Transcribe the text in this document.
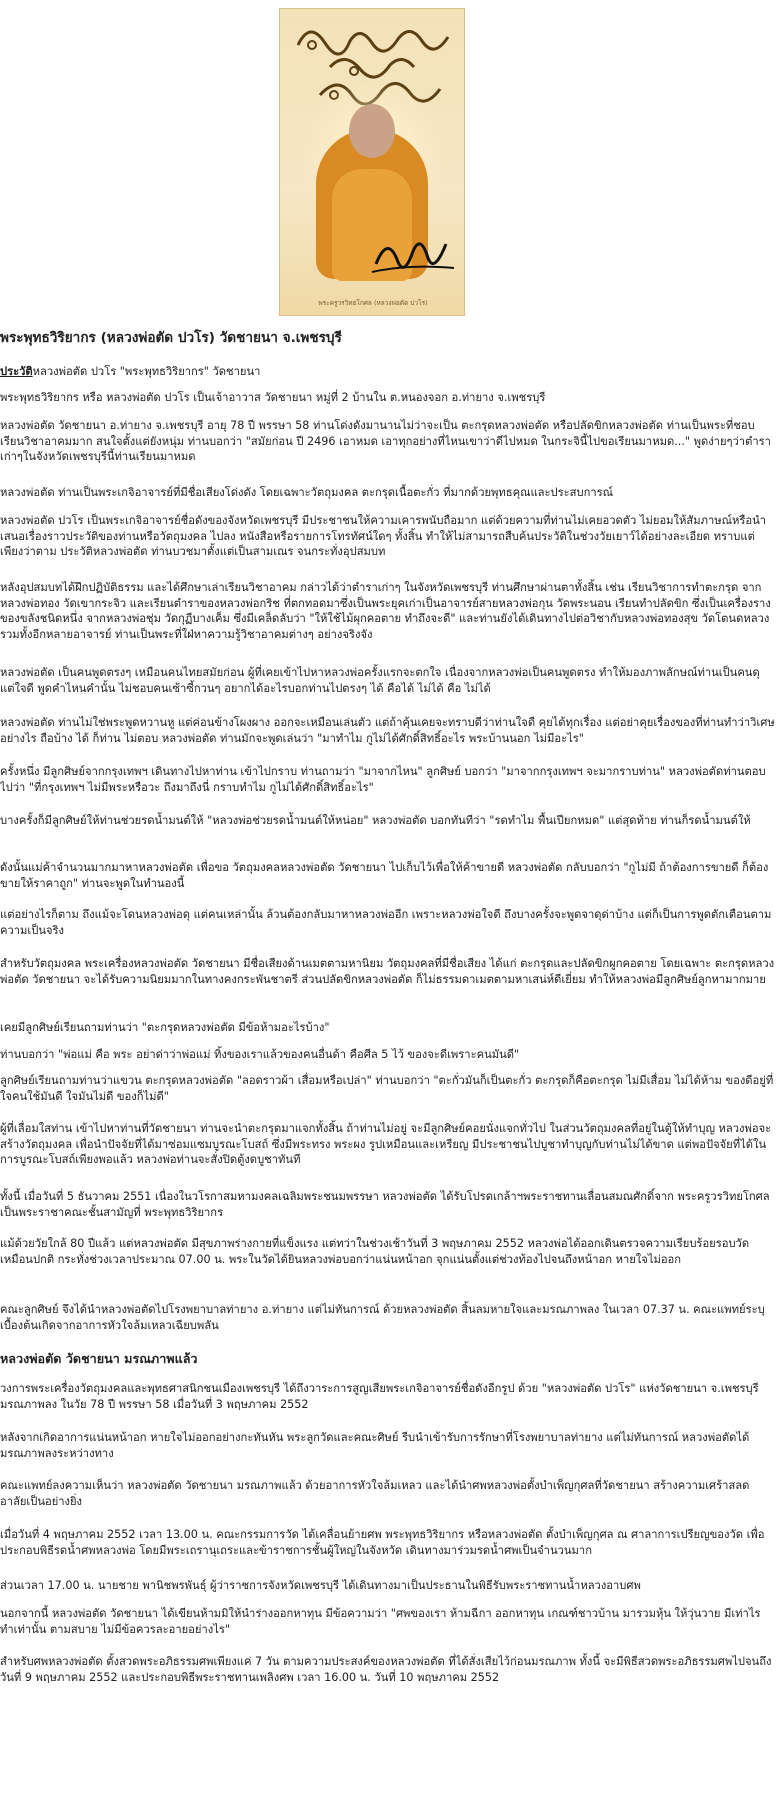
พระครูวรวิทยโกศล (หลวงพ่อตัด ปวโร)

พระพุทธวิริยากร (หลวงพ่อตัด ปวโร) วัดชายนา จ.เพชรบุรี

ประวัติหลวงพ่อตัด ปวโร "พระพุทธวิริยากร" วัดชายนา

พระพุทธวิริยากร หรือ หลวงพ่อตัด ปวโร เป็นเจ้าอาวาส วัดชายนา หมู่ที่ 2 บ้านใน ต.หนองจอก อ.ท่ายาง จ.เพชรบุรี

หลวงพ่อตัด วัดชายนา อ.ท่ายาง จ.เพชรบุรี อายุ 78 ปี พรรษา 58 ท่านโด่งดังมานานไม่ว่าจะเป็น ตะกรุดหลวงพ่อตัด หรือปลัดขิกหลวงพ่อตัด ท่านเป็นพระที่ชอบเรียนวิชาอาคมมาก สนใจตั้งแต่ยังหนุ่ม ท่านบอกว่า "สมัยก่อน ปี 2496 เอาหมด เอาทุกอย่างที่ไหนเขาว่าดีไปหมด ในกระจินี้ไปขอเรียนมาหมด..." พูดง่ายๆว่าตำราเก่าๆในจังหวัดเพชรบุรีนี้ท่านเรียนมาหมด

หลวงพ่อตัด ท่านเป็นพระเกจิอาจารย์ที่มีชื่อเสียงโด่งดัง โดยเฉพาะวัตถุมงคล ตะกรุดเนื้อตะกั่ว ที่มากด้วยพุทธคุณและประสบการณ์

หลวงพ่อตัด ปวโร เป็นพระเกจิอาจารย์ชื่อดังของจังหวัดเพชรบุรี มีประชาชนให้ความเคารพนับถือมาก แต่ด้วยความที่ท่านไม่เคยอวดตัว ไม่ยอมให้สัมภาษณ์หรือนำเสนอเรื่องราวประวัติของท่านหรือวัตถุมงคล ไปลง หนังสือหรือรายการโทรทัศน์ใดๆ ทั้งสิ้น ทำให้ไม่สามารถสืบค้นประวัติในช่วงวัยเยาว์ได้อย่างละเอียด ทราบแต่เพียงว่าตาม ประวัติหลวงพ่อตัด ท่านบวชมาตั้งแต่เป็นสามเณร จนกระทั่งอุปสมบท

หลังอุปสมบทได้ฝึกปฏิบัติธรรม และได้ศึกษาเล่าเรียนวิชาอาคม กล่าวได้ว่าตำราเก่าๆ ในจังหวัดเพชรบุรี ท่านศึกษาผ่านตาทั้งสิ้น เช่น เรียนวิชาการทำตะกรุด จากหลวงพ่อทอง วัดเขากระจิว และเรียนตำราของหลวงพ่อกริช ที่ตกทอดมาซึ่งเป็นพระยุคเก่าเป็นอาจารย์สายหลวงพ่อกุน วัดพระนอน เรียนทำปลัดขิก ซึ่งเป็นเครื่องรางของขลังชนิดหนึ่ง จากหลวงพ่อชุ่ม วัดกุฏีบางเค็ม ซึ่งมีเคล็ดลับว่า "ให้ใช้ไม้ผุกคอตาย ทำถึงจะดี" และท่านยังได้เดินทางไปต่อวิชากับหลวงพ่อทองสุข วัดโตนดหลวง รวมทั้งอีกหลายอาจารย์ ท่านเป็นพระที่ใฝ่หาความรู้วิชาอาคมต่างๆ อย่างจริงจัง

หลวงพ่อตัด เป็นคนพูดตรงๆ เหมือนคนไทยสมัยก่อน ผู้ที่เคยเข้าไปหาหลวงพ่อครั้งแรกจะตกใจ เนื่องจากหลวงพ่อเป็นคนพูดตรง ทำให้มองภาพลักษณ์ท่านเป็นคนดุ แต่ใจดี พูดคำไหนคำนั้น ไม่ชอบคนเซ้าซี้กวนๆ อยากได้อะไรบอกท่านไปตรงๆ ได้ คือได้ ไม่ได้ คือ ไม่ได้

หลวงพ่อตัด ท่านไม่ใช่พระพูดหวานหู แต่ค่อนข้างโผงผาง ออกจะเหมือนเล่นตัว แต่ถ้าคุ้นเคยจะทราบดีว่าท่านใจดี คุยได้ทุกเรื่อง แต่อย่าคุยเรื่องของที่ท่านทำว่าวิเศษอย่างไร ถือบ้าง ได้ ก็ท่าน ไม่ตอบ หลวงพ่อตัด ท่านมักจะพูดเล่นว่า "มาทำไม กูไม่ได้ศักดิ์สิทธิ์อะไร พระบ้านนอก ไม่มีอะไร"

ครั้งหนึ่ง มีลูกศิษย์จากกรุงเทพฯ เดินทางไปหาท่าน เข้าไปกราบ ท่านถามว่า "มาจากไหน" ลูกศิษย์ บอกว่า "มาจากกรุงเทพฯ จะมากราบท่าน" หลวงพ่อตัดท่านตอบไปว่า "ที่กรุงเทพฯ ไม่มีพระหรือวะ ถึงมาถึงนี่ กราบทำไม กูไม่ได้ศักดิ์สิทธิ์อะไร"

บางครั้งก็มีลูกศิษย์ให้ท่านช่วยรดน้ำมนต์ให้ "หลวงพ่อช่วยรดน้ำมนต์ให้หน่อย" หลวงพ่อตัด บอกทันทีว่า "รดทำไม พื้นเปียกหมด" แต่สุดท้าย ท่านก็รดน้ำมนต์ให้

ดังนั้นแม่ค้าจำนวนมากมาหาหลวงพ่อตัด เพื่อขอ วัตถุมงคลหลวงพ่อตัด วัดชายนา ไปเก็บไว้เพื่อให้ค้าขายดี หลวงพ่อตัด กลับบอกว่า "กูไม่มี ถ้าต้องการขายดี ก็ต้องขายให้ราคาถูก" ท่านจะพูดในทำนองนี้

แต่อย่างไรก็ตาม ถึงแม้จะโดนหลวงพ่อดุ แต่คนเหล่านั้น ล้วนต้องกลับมาหาหลวงพ่ออีก เพราะหลวงพ่อใจดี ถึงบางครั้งจะพูดจาดุด่าบ้าง แต่ก็เป็นการพูดตักเตือนตามความเป็นจริง

สำหรับวัตถุมงคล พระเครื่องหลวงพ่อตัด วัดชายนา มีชื่อเสียงด้านเมตตามหานิยม วัตถุมงคลที่มีชื่อเสียง ได้แก่ ตะกรุดและปลัดขิกผูกคอตาย โดยเฉพาะ ตะกรุดหลวงพ่อตัด วัดชายนา จะได้รับความนิยมมากในทางคงกระพันชาตรี ส่วนปลัดขิกหลวงพ่อตัด ก็ไม่ธรรมดาเมตตามหาเสน่ห์ดีเยี่ยม ทำให้หลวงพ่อมีลูกศิษย์ลูกหามากมาย

เคยมีลูกศิษย์เรียนถามท่านว่า "ตะกรุดหลวงพ่อตัด มีข้อห้ามอะไรบ้าง"

ท่านบอกว่า "พ่อแม่ คือ พระ อย่าด่าว่าพ่อแม่ ทิ้งของเราแล้วของคนอื่นด้า คือศีล 5 ไว้ ของจะดีเพราะคนมันดี"

ลูกศิษย์เรียนถามท่านว่าแขวน ตะกรุดหลวงพ่อตัด "ลอดราวผ้า เสื่อมหรือเปล่า" ท่านบอกว่า "ตะกั่วมันก็เป็นตะกั่ว ตะกรุดก็คือตะกรุด ไม่มีเสื่อม ไม่ได้ห้าม ของดีอยู่ที่ใจคนใช้มันดี ใจมันไม่ดี ของก็ไม่ดี"

ผู้ที่เลื่อมใสท่าน เข้าไปหาท่านที่วัดชายนา ท่านจะนำตะกรุดมาแจกทั้งสิ้น ถ้าท่านไม่อยู่ จะมีลูกศิษย์คอยนั่งแจกทั่วไป ในส่วนวัตถุมงคลที่อยู่ในตู้ให้ทำบุญ หลวงพ่อจะสร้างวัตถุมงคล เพื่อนำปัจจัยที่ได้มาซ่อมแซมบูรณะโบสถ์ ซึ่งมีพระทรง พระผง รูปเหมือนและเหรียญ มีประชาชนไปบูชาทำบุญกับท่านไม่ได้ขาด แต่พอปัจจัยที่ได้ในการบูรณะโบสถ์เพียงพอแล้ว หลวงพ่อท่านจะสั่งปิดตู้งดบูชาทันที

ทั้งนี้ เมื่อวันที่ 5 ธันวาคม 2551 เนื่องในวโรกาสมหามงคลเฉลิมพระชนมพรรษา หลวงพ่อตัด ได้รับโปรดเกล้าฯพระราชทานเลื่อนสมณศักดิ์จาก พระครูวรวิทยโกศล เป็นพระราชาคณะชั้นสามัญที่ พระพุทธวิริยากร

แม้ด้วยวัยใกล้ 80 ปีแล้ว แต่หลวงพ่อตัด มีสุขภาพร่างกายที่แข็งแรง แต่ทว่าในช่วงเช้าวันที่ 3 พฤษภาคม 2552 หลวงพ่อได้ออกเดินตรวจความเรียบร้อยรอบวัดเหมือนปกติ กระทั่งช่วงเวลาประมาณ 07.00 น. พระในวัดได้ยินหลวงพ่อบอกว่าแน่นหน้าอก จุกแน่นตั้งแต่ช่วงท้องไปจนถึงหน้าอก หายใจไม่ออก

คณะลูกศิษย์ จึงได้นำหลวงพ่อตัดไปโรงพยาบาลท่ายาง อ.ท่ายาง แต่ไม่ทันการณ์ ด้วยหลวงพ่อตัด สิ้นลมหายใจและมรณภาพลง ในเวลา 07.37 น. คณะแพทย์ระบุเบื้องต้นเกิดจากอาการหัวใจล้มเหลวเฉียบพลัน

หลวงพ่อตัด วัดชายนา มรณภาพแล้ว

วงการพระเครื่องวัตถุมงคลและพุทธศาสนิกชนเมืองเพชรบุรี ได้ถึงวาระการสูญเสียพระเกจิอาจารย์ชื่อดังอีกรูป ด้วย "หลวงพ่อตัด ปวโร" แห่งวัดชายนา จ.เพชรบุรี มรณภาพลง ในวัย 78 ปี พรรษา 58 เมื่อวันที่ 3 พฤษภาคม 2552

หลังจากเกิดอาการแน่นหน้าอก หายใจไม่ออกอย่างกะทันหัน พระลูกวัดและคณะศิษย์ รีบนำเข้ารับการรักษาที่โรงพยาบาลท่ายาง แต่ไม่ทันการณ์ หลวงพ่อตัดได้มรณภาพลงระหว่างทาง

คณะแพทย์ลงความเห็นว่า หลวงพ่อตัด วัดชายนา มรณภาพแล้ว ด้วยอาการหัวใจล้มเหลว และได้นำศพหลวงพ่อตั้งบำเพ็ญกุศลที่วัดชายนา สร้างความเศร้าสลดอาลัยเป็นอย่างยิ่ง

เมื่อวันที่ 4 พฤษภาคม 2552 เวลา 13.00 น. คณะกรรมการวัด ได้เคลื่อนย้ายศพ พระพุทธวิริยากร หรือหลวงพ่อตัด ตั้งบำเพ็ญกุศล ณ ศาลาการเปรียญของวัด เพื่อประกอบพิธีรดน้ำศพหลวงพ่อ โดยมีพระเถรานุเถระและข้าราชการชั้นผู้ใหญ่ในจังหวัด เดินทางมาร่วมรดน้ำศพเป็นจำนวนมาก

ส่วนเวลา 17.00 น. นายชาย พานิชพรพันธุ์ ผู้ว่าราชการจังหวัดเพชรบุรี ได้เดินทางมาเป็นประธานในพิธีรับพระราชทานน้ำหลวงอาบศพ

นอกจากนี้ หลวงพ่อตัด วัดชายนา ได้เขียนห้ามมิให้นำร่างออกหาทุน มีข้อความว่า "ศพของเรา ห้ามฉีกา ออกหาทุน เกณฑ์ชาวบ้าน มารวมหุ้น ให้วุ่นวาย มีเท่าไร ทำเท่านั้น ตามสบาย ไม่มีข้อควรละอายอย่างไร"

สำหรับศพหลวงพ่อตัด ตั้งสวดพระอภิธรรมศพเพียงแค่ 7 วัน ตามความประสงค์ของหลวงพ่อตัด ที่ได้สั่งเสียไว้ก่อนมรณภาพ ทั้งนี้ จะมีพิธีสวดพระอภิธรรมศพไปจนถึงวันที่ 9 พฤษภาคม 2552 และประกอบพิธีพระราชทานเพลิงศพ เวลา 16.00 น. วันที่ 10 พฤษภาคม 2552
